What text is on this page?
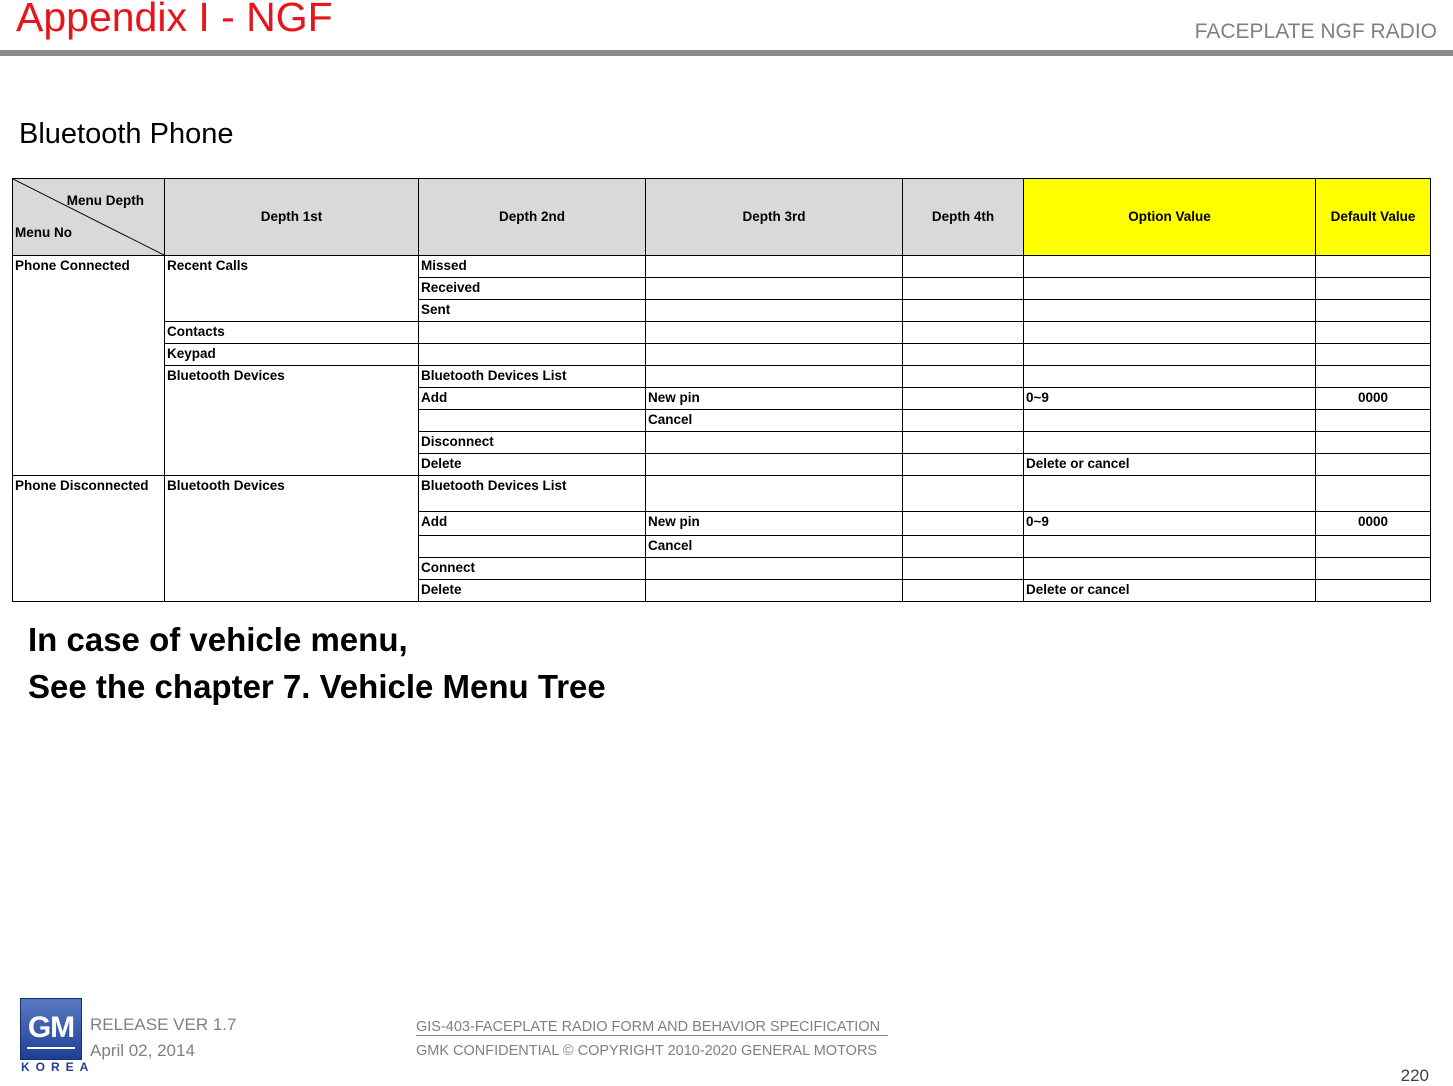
Appendix I - NGF	FACEPLATE NGF RADIO
Bluetooth Phone
Menu Depth
Menu No	Depth 1st	Depth 2nd	Depth 3rd	Depth 4th	Option Value	Default Value
Phone Connected	Recent Calls	Missed				
		Received				
		Sent				
	Contacts					
	Keypad					
	Bluetooth Devices	Bluetooth Devices List				
		Add	New pin		0~9	0000
			Cancel			
		Disconnect				
		Delete			Delete or cancel	
Phone Disconnected	Bluetooth Devices	Bluetooth Devices List				
		Add	New pin		0~9	0000
			Cancel			
		Connect				
		Delete			Delete or cancel	
In case of vehicle menu,
See the chapter 7. Vehicle Menu Tree
GM
KOREA
RELEASE VER 1.7
April 02, 2014
GIS-403-FACEPLATE RADIO FORM AND BEHAVIOR SPECIFICATION
GMK CONFIDENTIAL © COPYRIGHT 2010-2020 GENERAL MOTORS
220
